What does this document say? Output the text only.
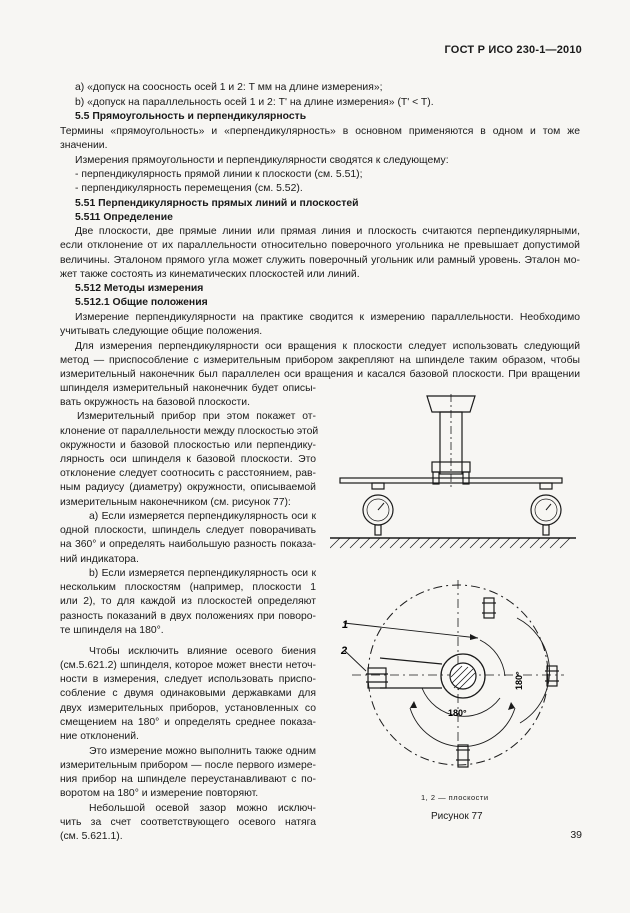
ГОСТ Р ИСО 230-1—2010
а) «допуск на соосность осей 1 и 2: T мм на длине измерения»;
b) «допуск на параллельность осей 1 и 2: T' на длине измерения» (T' < T).
5.5 Прямоугольность и перпендикулярность
Термины «прямоугольность» и «перпендикулярность» в основном применяются в одном и том же
значении.
Измерения прямоугольности и перпендикулярности сводятся к следующему:
- перпендикулярность прямой линии к плоскости (см. 5.51);
- перпендикулярность перемещения (см. 5.52).
5.51 Перпендикулярность прямых линий и плоскостей
5.511 Определение
Две плоскости, две прямые линии или прямая линия и плоскость считаются перпендикулярными,
если отклонение от их параллельности относительно поверочного угольника не превышает допустимой
величины. Эталоном прямого угла может служить поверочный угольник или рамный уровень. Эталон мо-
жет также состоять из кинематических плоскостей или линий.
5.512 Методы измерения
5.512.1 Общие положения
Измерение перпендикулярности на практике сводится к измерению параллельности. Необходимо
учитывать следующие общие положения.
Для измерения перпендикулярности оси вращения к плоскости следует использовать следующий
метод — приспособление с измерительным прибором закрепляют на шпинделе таким образом, чтобы
измерительный наконечник был параллелен оси вращения и касался базовой плоскости. При вращении
шпинделя измерительный наконечник будет описы-
вать окружность на базовой плоскости.
Измерительный прибор при этом покажет от-
клонение от параллельности между плоскостью этой
окружности и базовой плоскостью или перпендику-
лярность оси шпинделя к базовой плоскости. Это
отклонение следует соотносить с расстоянием, рав-
ным радиусу (диаметру) окружности, описываемой
измерительным наконечником (см. рисунок 77):
а) Если измеряется перпендикулярность оси к
одной плоскости, шпиндель следует поворачивать
на 360° и определять наибольшую разность показа-
ний индикатора.
b) Если измеряется перпендикулярность оси к
нескольким плоскостям (например, плоскости 1
или 2), то для каждой из плоскостей определяют
разность показаний в двух положениях при поворо-
те шпинделя на 180°.
Чтобы исключить влияние осевого биения
(см.5.621.2) шпинделя, которое может внести неточ-
ности в измерения, следует использовать приспо-
собление с двумя одинаковыми державками для
двух измерительных приборов, установленных со
смещением на 180° и определять среднее показа-
ние отклонений.
Это измерение можно выполнить также одним
измерительным прибором — после первого измере-
ния прибор на шпинделе переустанавливают с по-
воротом на 180° и измерение повторяют.
Небольшой осевой зазор можно исключ-
чить за счет соответствующего осевого натяга
(см. 5.621.1).
1
2
180°
180°
1, 2 — плоскости
Рисунок 77
39
